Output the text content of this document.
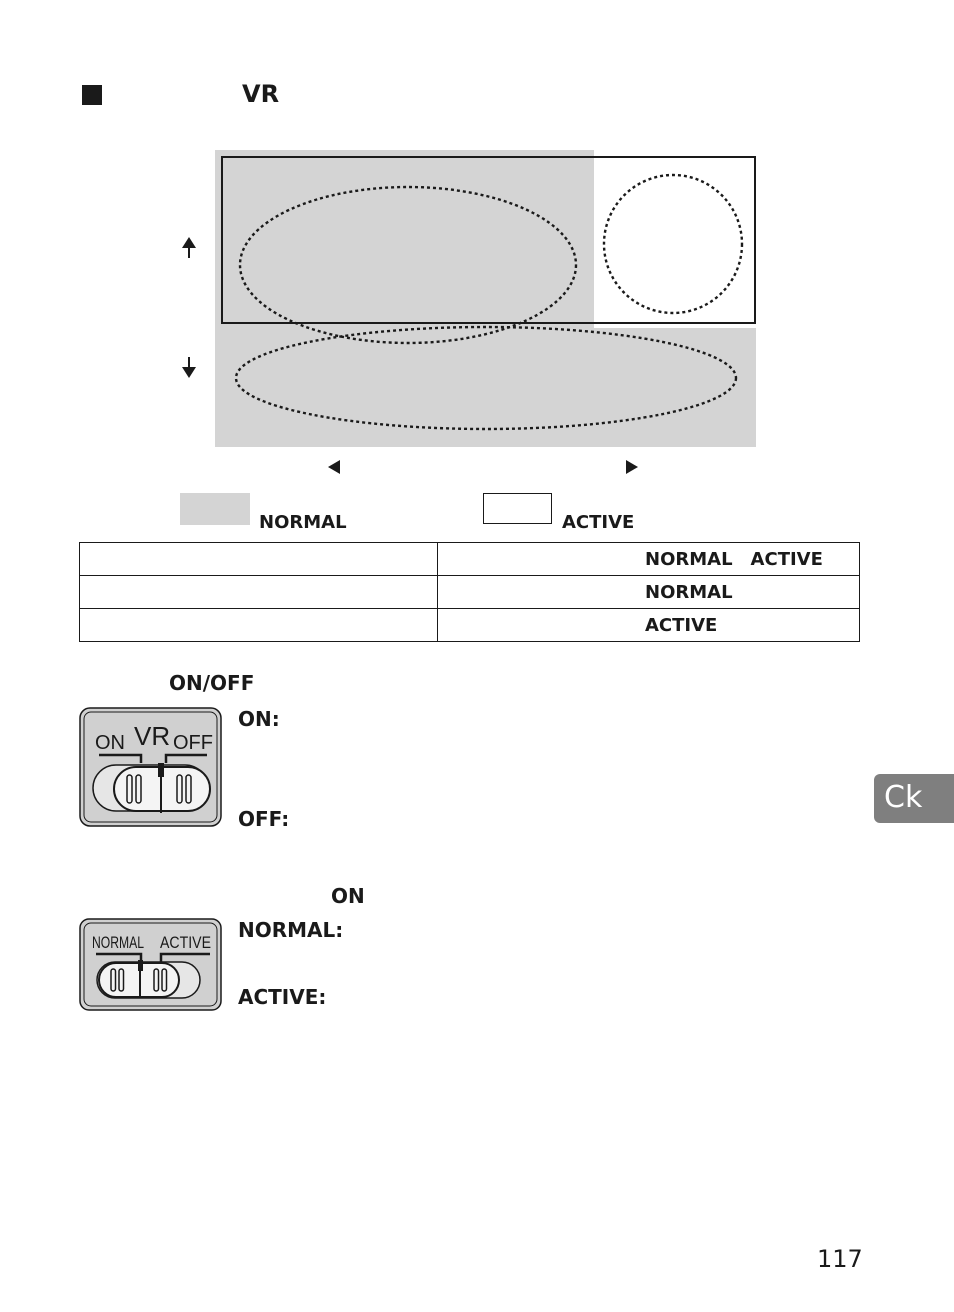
VR
NORMAL	ACTIVE
	NORMAL ACTIVE
	NORMAL
	ACTIVE
ON/OFF
ON VR OFF
ON:
OFF:
ON
NORMAL ACTIVE
NORMAL:
ACTIVE:
Ck
117
